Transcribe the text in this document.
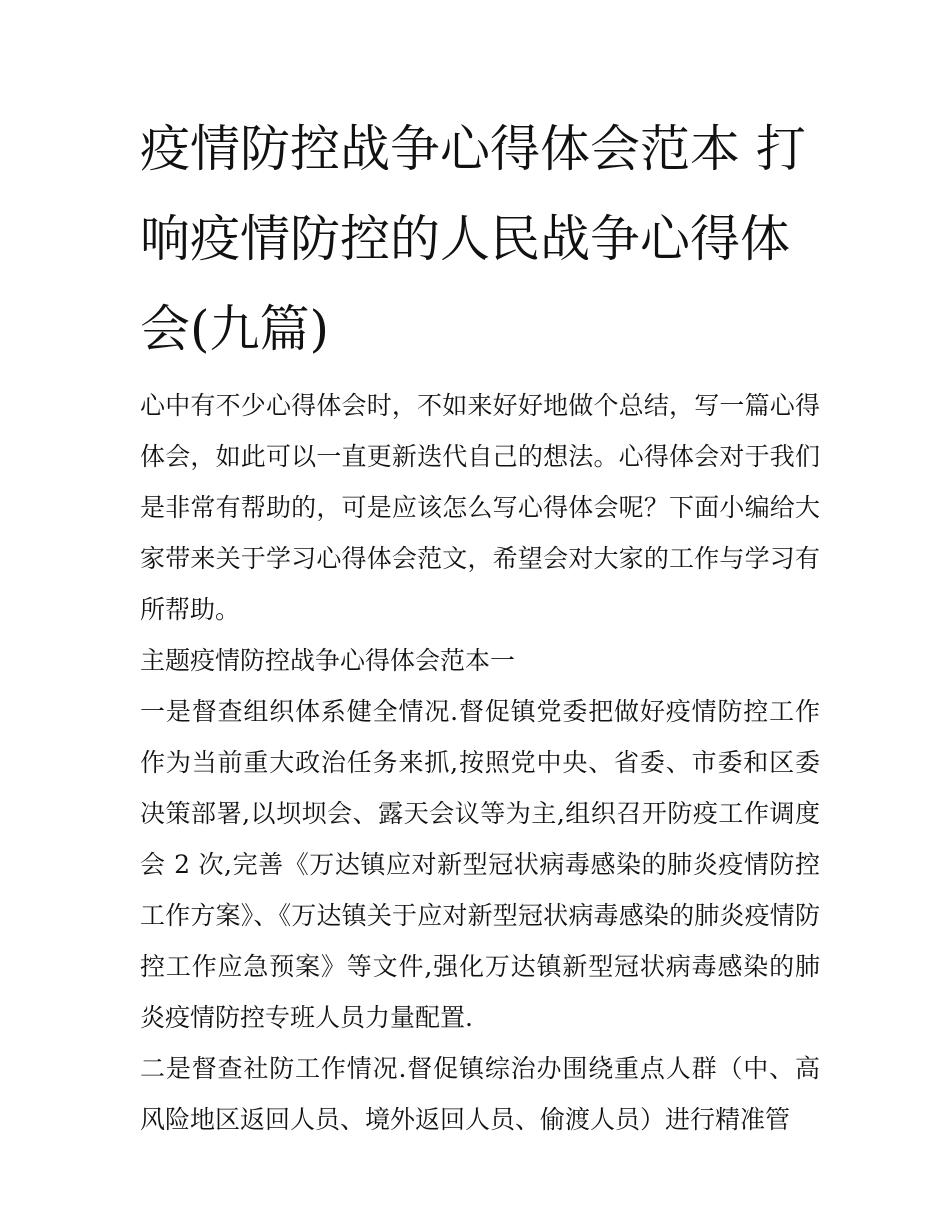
疫情防控战争心得体会范本 打响疫情防控的人民战争心得体会(九篇)

心中有不少心得体会时，不如来好好地做个总结，写一篇心得体会，如此可以一直更新迭代自己的想法。心得体会对于我们是非常有帮助的，可是应该怎么写心得体会呢？下面小编给大家带来关于学习心得体会范文，希望会对大家的工作与学习有所帮助。

主题疫情防控战争心得体会范本一

一是督查组织体系健全情况.督促镇党委把做好疫情防控工作作为当前重大政治任务来抓,按照党中央、省委、市委和区委决策部署,以坝坝会、露天会议等为主,组织召开防疫工作调度会 2 次,完善《万达镇应对新型冠状病毒感染的肺炎疫情防控工作方案》、《万达镇关于应对新型冠状病毒感染的肺炎疫情防控工作应急预案》等文件,强化万达镇新型冠状病毒感染的肺炎疫情防控专班人员力量配置.

二是督查社防工作情况.督促镇综治办围绕重点人群（中、高风险地区返回人员、境外返回人员、偷渡人员）进行精准管
